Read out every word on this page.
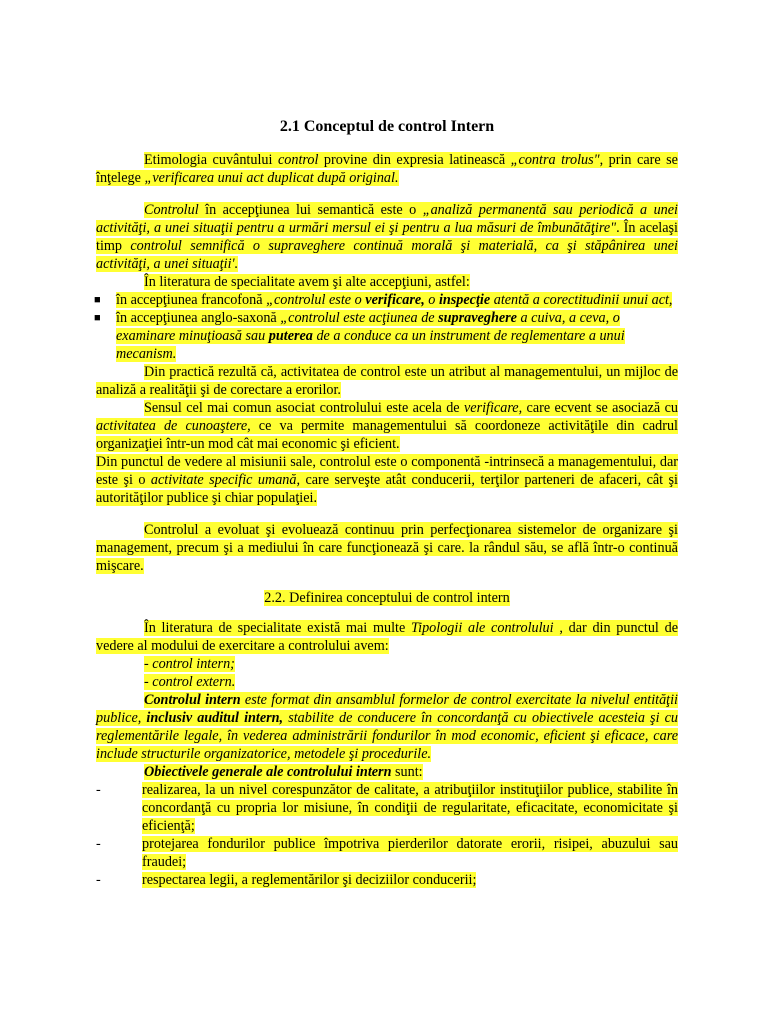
2.1 Conceptul de control Intern

Etimologia cuvântului control provine din expresia latinească „contra trolus", prin care se înţelege „verificarea unui act duplicat după original.

Controlul în accepţiunea lui semantică este o „analiză permanentă sau periodică a unei activităţi, a unei situaţii pentru a urmări mersul ei şi pentru a lua măsuri de îmbunătăţire". În acelaşi timp controlul semnifică o supraveghere continuă morală şi materială, ca şi stăpânirea unei activităţi, a unei situaţii'.

În literatura de specialitate avem şi alte accepţiuni, astfel:

■ în accepţiunea francofonă „controlul este o verificare, o inspecţie atentă a corectitudinii unui act,
■ în accepţiunea anglo-saxonă „controlul este acţiunea de supraveghere a cuiva, a ceva, o examinare minuţioasă sau puterea de a conduce ca un instrument de reglementare a unui mecanism.

Din practică rezultă că, activitatea de control este un atribut al managementului, un mijloc de analiză a realităţii şi de corectare a erorilor.

Sensul cel mai comun asociat controlului este acela de verificare, care ecvent se asociază cu activitatea de cunoaştere, ce va permite managementului să coordoneze activităţile din cadrul organizaţiei într-un mod cât mai economic şi eficient.

Din punctul de vedere al misiunii sale, controlul este o componentă -intrinsecă a managementului, dar este şi o activitate specific umană, care serveşte atât conducerii, terţilor parteneri de afaceri, cât şi autorităţilor publice şi chiar populaţiei.

Controlul a evoluat şi evoluează continuu prin perfecţionarea sistemelor de organizare şi management, precum şi a mediului în care funcţionează şi care. la rândul său, se află într-o continuă mişcare.

2.2. Definirea conceptului de control intern

În literatura de specialitate există mai multe Tipologii ale controlului , dar din punctul de vedere al modului de exercitare a controlului avem:

- control intern;

- control extern.

Controlul intern este format din ansamblul formelor de control exercitate la nivelul entităţii publice, inclusiv auditul intern, stabilite de conducere în concordanţă cu obiectivele acesteia şi cu reglementările legale, în vederea administrării fondurilor în mod economic, eficient şi eficace, care include structurile organizatorice, metodele şi procedurile.

Obiectivele generale ale controlului intern sunt:

-	realizarea, la un nivel corespunzător de calitate, a atribuţiilor instituţiilor publice, stabilite în concordanţă cu propria lor misiune, în condiţii de regularitate, eficacitate, economicitate şi eficienţă;
-	protejarea fondurilor publice împotriva pierderilor datorate erorii, risipei, abuzului sau fraudei;
-	respectarea legii, a reglementărilor şi deciziilor conducerii;
